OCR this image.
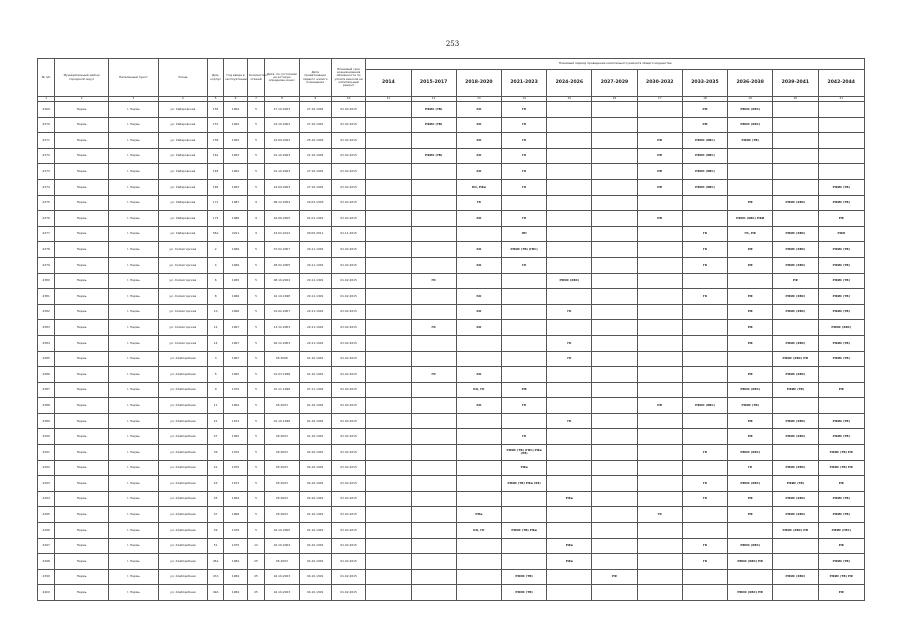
253
№ п/п	Муниципальный район/городской округ	Населённый пункт	Улица	Дом, корпус	Год ввода в эксплуатацию	Количество этажей	Дата, по состоянию на которую определен износ	Дата приватизации первого жилого помещения	Плановый срок возникновения обязанности по уплате взносов на капитальный ремонт	Плановый период проведения капитального ремонта общего имущества										
										2014	2015-2017	2018-2020	2021-2023	2024-2026	2027-2029	2030-2032	2033-2035	2036-2038	2039-2041	2042-2044
1	2	3	4	5	6	7	8	9	10	11	12	13	14	15	16	17	18	19	20	21
4369	Пермь	г. Пермь	ул. Хабаровская	155	1964	5	27.10.2003	27.10.1991	01.02.2015		РФИС (ТВ)	КО	ГК				РФ	РФИС (ХВС)		
4370	Пермь	г. Пермь	ул. Хабаровская	157	1964	5	24.10.2003	27.10.1991	01.02.2015		РФИС (ТВ)	КО	ГК				РФ	РФИС (ХВС)		
4371	Пермь	г. Пермь	ул. Хабаровская	159	1963	5	24.09.2003	25.10.1992	01.02.2015			КО	ГК			РФ	РФИС (ХВС)	РФИС (ТВ)		
4372	Пермь	г. Пермь	ул. Хабаровская	161	1963	5	01.10.2003	21.10.1992	01.02.2015		РФИС (ТВ)	КО	ГК			РФ	РФИС (ХВС)			
4373	Пермь	г. Пермь	ул. Хабаровская	163	1962	5	01.10.2003	27.10.1991	01.02.2015			КО	ГК			РФ	РФИС (ХВС)			
4374	Пермь	г. Пермь	ул. Хабаровская	165	1963	5	24.09.2003	27.10.1991	01.02.2015			КО, РФи	ГК			РФ	РФИС (ХВС)			РФИС (ТВ)
4375	Пермь	г. Пермь	ул. Хабаровская	171	1987	9	08.12.2004	24.03.1993	01.02.2015			ГК						РФ	РФИС (ХВС)	РФИС (ТВ)
4376	Пермь	г. Пермь	ул. Хабаровская	173	1986	9	16.06.2005	01.01.1991	01.02.2015			КО	ГК			РФ		РФИС (ХВС) РФИ		РФ
4377	Пермь	г. Пермь	ул. Хабаровская	56А	2011	9	23.02.2012	09.05.2011	01.11.2015				ЛП				ГК	ГК, РФ	РФИС (ХВС)	РФИ
4378	Пермь	г. Пермь	ул. Холмогорская	2	1966	5	07.02.2007	20.11.1991	01.02.2015			КО	РФИС (ТВ) (ГВС)				ГК	РФ	РФИС (ХВС)	РФИС (ТВ)
4379	Пермь	г. Пермь	ул. Холмогорская	4	1966	5	28.02.2005	20.11.1991	01.02.2015			КО	ГК				ГК	РФ	РФИС (ХВС)	РФИС (ТВ)
4380	Пермь	г. Пермь	ул. Холмогорская	6	1965	5	08.10.2004	20.11.1991	01.02.2015		ГК			РФИС (ХВС)					РФ	РФИС (ТВ)
4381	Пермь	г. Пермь	ул. Холмогорская	8	1966	5	10.10.1998	20.11.1991	01.02.2015			КО					ГК	РФ	РФИС (ХВС)	РФИС (ТВ)
4382	Пермь	г. Пермь	ул. Холмогорская	10	1966	5	01.02.2007	20.11.1991	01.02.2015			КО		ГК				РФ	РФИС (ХВС)	РФИС (ТВ)
4383	Пермь	г. Пермь	ул. Холмогорская	12	1967	5	13.12.2003	20.11.1991	01.02.2015		ГК	КО						РФ		РФИС (ХВС)
4384	Пермь	г. Пермь	ул. Холмогорская	14	1967	5	26.12.2003	20.11.1991	01.02.2015					ГК				РФ	РФИС (ХВС)	РФИС (ТВ)
4385	Пермь	г. Пермь	ул. Хлеборобная	3	1967	5	05.2006	01.10.1991	01.02.2015					ГК					РФИС (ХВС) РФ	РФИС (ТВ)
4386	Пермь	г. Пермь	ул. Хлеборобная	5	1965	5	01.03.1998	01.10.1991	01.02.2015		ГК	КО						РФ	РФИС (ХВС)	
4387	Пермь	г. Пермь	ул. Хлеборобная	9	1970	5	15.11.1998	07.11.1992	01.02.2015			КО, ГК	РФ					РФИС (ХВС)	РФИС (ТВ)	РФ
4388	Пермь	г. Пермь	ул. Хлеборобная	11	1964	5	05.2003	01.10.1991	01.02.2015			КО	ГК			РФ	РФИС (ХВС)	РФИС (ТВ)		
4389	Пермь	г. Пермь	ул. Хлеборобная	21	1972	5	01.10.1998	01.10.1991	01.02.2015					ГК				РФ	РФИС (ХВС)	РФИС (ТВ)
4390	Пермь	г. Пермь	ул. Хлеборобная	27	1965	5	05.2003	01.10.1991	01.02.2015				ГК					РФ	РФИС (ХВС)	РФИС (ТВ)
4391	Пермь	г. Пермь	ул. Хлеборобная	39	1970	5	05.2003	04.10.1991	01.02.2015				РФИС (ТВ) (ГВС) РФи (ЭЭ)				ГК	РФИС (ХВС)		РФИС (ТВ) РФ
4392	Пермь	г. Пермь	ул. Хлеборобная	41	1970	5	05.2003	04.10.1991	01.02.2015				РФи					ГК	РФИС (ХВС)	РФИС (ТВ) РФ
4393	Пермь	г. Пермь	ул. Хлеборобная	43	1972	5	05.2003	04.10.1991	01.02.2015				РФИС (ТВ) РФи (ЭЭ)				ГК	РФИС (ХВС)	РФИС (ТВ)	РФ
4394	Пермь	г. Пермь	ул. Хлеборобная	45	1964	5	05.2003	04.10.1991	01.02.2015					РФи			ГК	РФ	РФИС (ХВС)	РФИС (ТВ)
4395	Пермь	г. Пермь	ул. Хлеборобная	47	1966	5	05.2003	01.10.1991	01.02.2015			РФи				ГК		РФ	РФИС (ХВС)	РФИС (ТВ)
4396	Пермь	г. Пермь	ул. Хлеборобная	49	1976	5	16.10.2000	01.10.1991	01.02.2015			КО, ГК	РФИС (ТВ) РФи						РФИС (ХВС) РФ	РФИС (ГВС)
4397	Пермь	г. Пермь	ул. Хлеборобная	51	1975	12	16.10.2004	04.10.1991	01.02.2015					РФи			ГК	РФИС (ХВС)		РФ
4398	Пермь	г. Пермь	ул. Хлеборобная	45А	1984	25	05.2003	04.10.1991	01.02.2015					РФи			ГК	РФИС (ХВС) РФ		РФИС (ТВ)
4399	Пермь	г. Пермь	ул. Хлеборобная	47А	1984	25	16.10.2003	04.10.1991	01.02.2015				РФИС (ТВ)		РФ				РФИС (ХВС)	РФИС (ТВ) РФ
4400	Пермь	г. Пермь	ул. Хлеборобная	49А	1984	25	16.10.2003	04.10.1991	01.02.2015				РФИС (ТВ)					РФИС (ХВС) РФ		РФ
